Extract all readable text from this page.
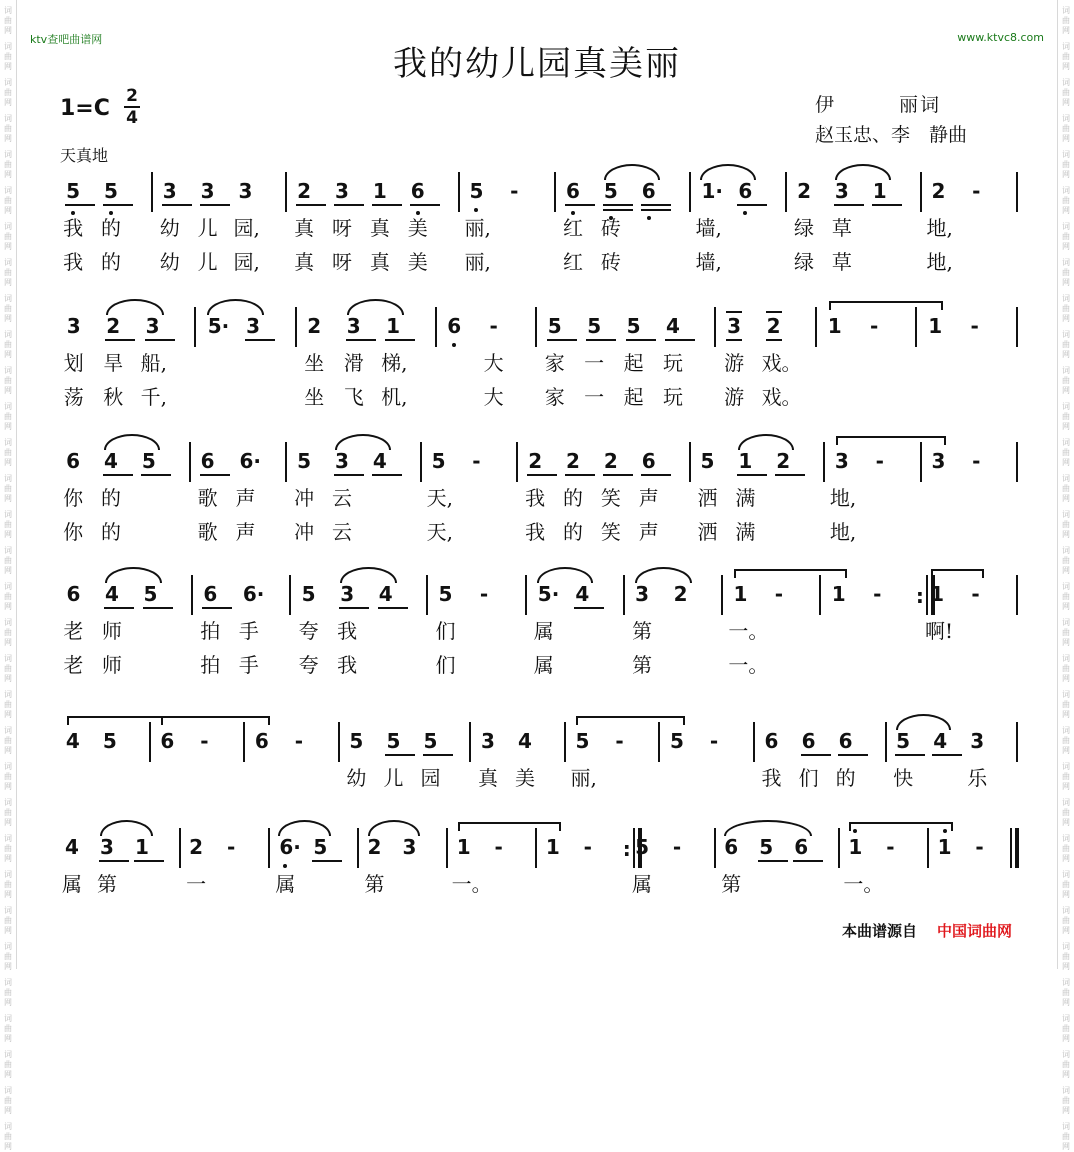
词
曲
网
词
曲
网
词
曲
网
词
曲
网
词
曲
网
词
曲
网
词
曲
网
词
曲
网
词
曲
网
词
曲
网
词
曲
网
词
曲
网
词
曲
网
词
曲
网
词
曲
网
词
曲
网
词
曲
网
词
曲
网
词
曲
网
词
曲
网
词
曲
网
词
曲
网
词
曲
网
词
曲
网
词
曲
网
词
曲
网
词
曲
网
词
曲
网
词
曲
网
词
曲
网
词
曲
网
词
曲
网
词
曲
网
词
曲
网
词
曲
网
词
曲
网
词
曲
网
词
曲
网
词
曲
网
词
曲
网
词
曲
网
词
曲
网
词
曲
网
词
曲
网
词
曲
网
词
曲
网
词
曲
网
词
曲
网
词
曲
网
词
曲
网
词
曲
网
词
曲
网
词
曲
网
词
曲
网
词
曲
网
词
曲
网
词
曲
网
词
曲
网
词
曲
网
词
曲
网
词
曲
网
词
曲
网
词
曲
网
词
曲
网
ktv查吧曲谱网	www.ktvc8.com
我的幼儿园真美丽
1=C 2
4
伊　　　丽词
赵玉忠、李　静曲
天真地
5 5 3 3 3 2 3 1 6 5 - 6 5 6 1· 6 2 3 1 2 -
我 的 幼 儿 园, 真 呀 真 美 丽,	红 砖	墙,	绿 草	地,
我 的 幼 儿 园, 真 呀 真 美 丽,	红 砖	墙,	绿 草	地,
3 2 3 5· 3 2 3 1 6 - 5 5 5 4 3 2 1 - 1 -
划 旱 船,	坐 滑 梯,	大 家 一 起 玩 游 戏。
荡 秋 千,	坐 飞 机,	大 家 一 起 玩 游 戏。
6 4 5 6 6·	5 3 4 5 - 2 2 2 6 5 1 2 3 - 3 -
你 的	歌 声 冲 云	天,	我 的 笑 声 洒 满	地,
你 的	歌 声 冲 云	天,	我 的 笑 声 洒 满	地,
:
6 4 5 6 6·	5 3 4 5 - 5· 4 3 2 1 - 1 - 1 -
老 师	拍 手 夸 我	们	属	第	一。	啊!
老 师	拍 手 夸 我	们	属	第	一。
4 5 6 - 6 - 5 5 5 3 4 5 - 5 - 6 6 6 5 4 3
幼 儿 园 真 美 丽,	我 们 的 快	乐
:
4 3 1 2 - 6· 5 2 3 1 - 1 - 5 - 6 5 6 1 - 1 -
属 第	一	属	第	一。	属	第	一。
本曲谱源自 中国词曲网
